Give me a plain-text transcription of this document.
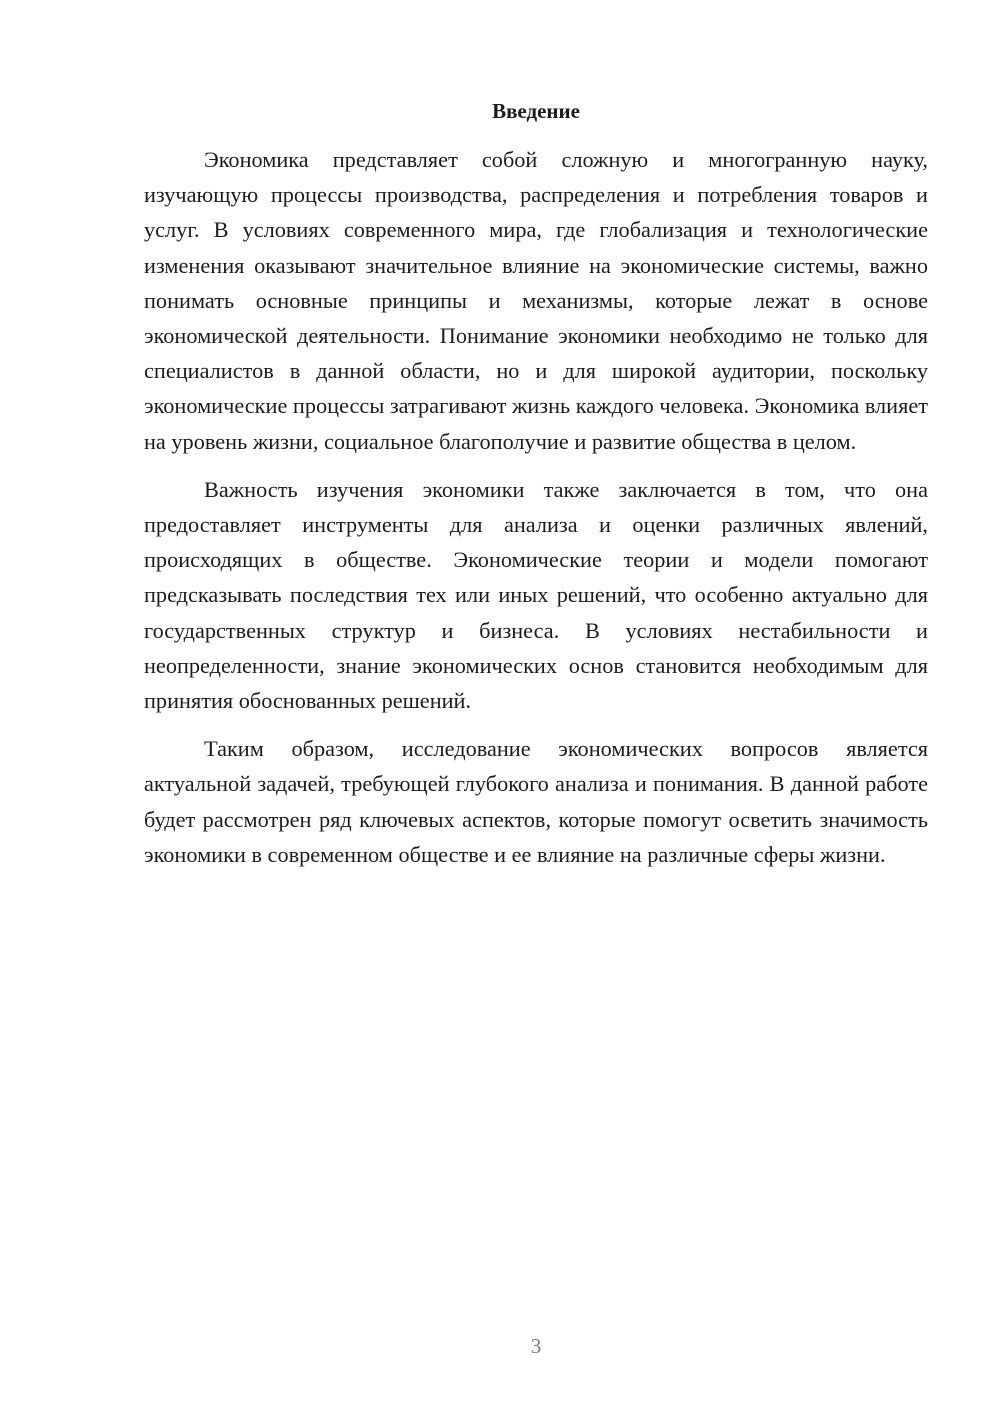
Введение

Экономика представляет собой сложную и многогранную науку, изучающую процессы производства, распределения и потребления товаров и услуг. В условиях современного мира, где глобализация и технологические изменения оказывают значительное влияние на экономические системы, важно понимать основные принципы и механизмы, которые лежат в основе экономической деятельности. Понимание экономики необходимо не только для специалистов в данной области, но и для широкой аудитории, поскольку экономические процессы затрагивают жизнь каждого человека. Экономика влияет на уровень жизни, социальное благополучие и развитие общества в целом.

Важность изучения экономики также заключается в том, что она предоставляет инструменты для анализа и оценки различных явлений, происходящих в обществе. Экономические теории и модели помогают предсказывать последствия тех или иных решений, что особенно актуально для государственных структур и бизнеса. В условиях нестабильности и неопределенности, знание экономических основ становится необходимым для принятия обоснованных решений.

Таким образом, исследование экономических вопросов является актуальной задачей, требующей глубокого анализа и понимания. В данной работе будет рассмотрен ряд ключевых аспектов, которые помогут осветить значимость экономики в современном обществе и ее влияние на различные сферы жизни.

3
